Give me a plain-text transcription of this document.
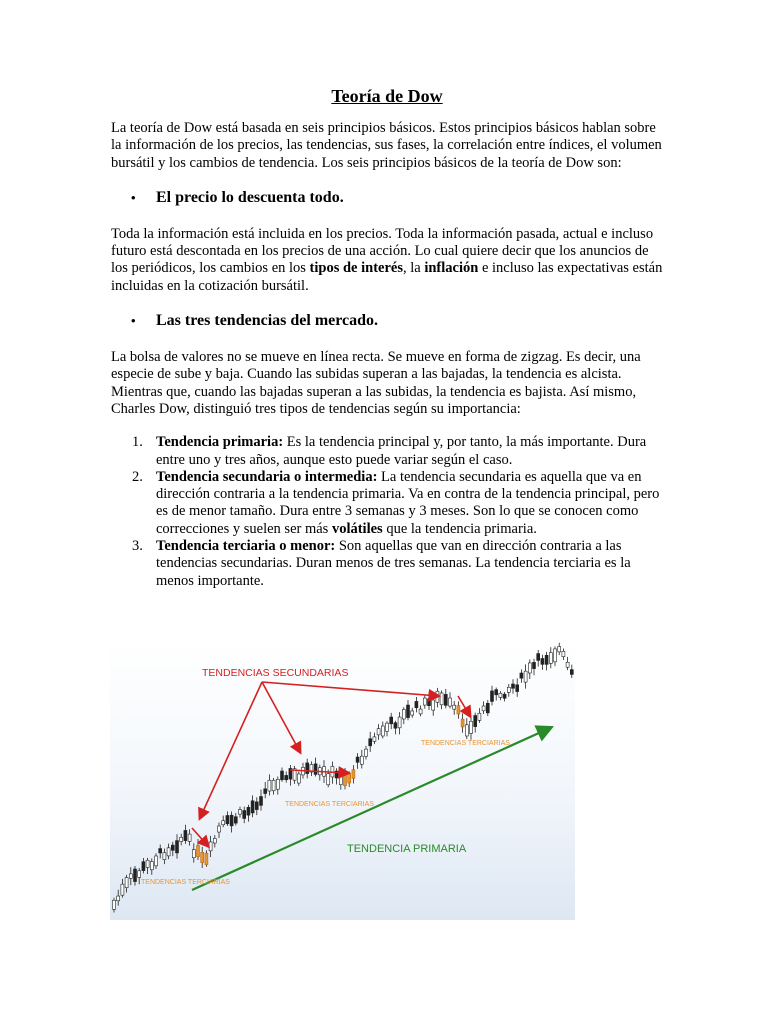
Teoría de Dow

La teoría de Dow está basada en seis principios básicos. Estos principios básicos hablan sobre la información de los precios, las tendencias, sus fases, la correlación entre índices, el volumen bursátil y los cambios de tendencia. Los seis principios básicos de la teoría de Dow son:

•	El precio lo descuenta todo.

Toda la información está incluida en los precios. Toda la información pasada, actual e incluso futuro está descontada en los precios de una acción. Lo cual quiere decir que los anuncios de los periódicos, los cambios en los tipos de interés, la inflación e incluso las expectativas están incluidas en la cotización bursátil.

•	Las tres tendencias del mercado.

La bolsa de valores no se mueve en línea recta. Se mueve en forma de zigzag. Es decir, una especie de sube y baja. Cuando las subidas superan a las bajadas, la tendencia es alcista. Mientras que, cuando las bajadas superan a las subidas, la tendencia es bajista. Así mismo, Charles Dow, distinguió tres tipos de tendencias según su importancia:

1. Tendencia primaria: Es la tendencia principal y, por tanto, la más importante. Dura entre uno y tres años, aunque esto puede variar según el caso.
2. Tendencia secundaria o intermedia: La tendencia secundaria es aquella que va en dirección contraria a la tendencia primaria. Va en contra de la tendencia principal, pero es de menor tamaño. Dura entre 3 semanas y 3 meses. Son lo que se conocen como correcciones y suelen ser más volátiles que la tendencia primaria.
3. Tendencia terciaria o menor: Son aquellas que van en dirección contraria a las tendencias secundarias. Duran menos de tres semanas. La tendencia terciaria es la menos importante.
TENDENCIA PRIMARIA
TENDENCIAS SECUNDARIAS
TENDENCIAS TERCIARIAS
TENDENCIAS TERCIARIAS
TENDENCIAS TERCIARIAS
